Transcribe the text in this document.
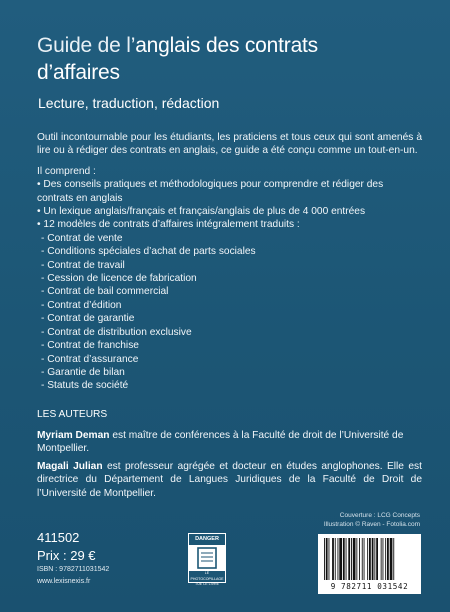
Guide de l’anglais des contrats
d’affaires
Lecture, traduction, rédaction

Outil incontournable pour les étudiants, les praticiens et tous ceux qui sont amenés à lire ou à rédiger des contrats en anglais, ce guide a été conçu comme un tout-en-un.

Il comprend :

• Des conseils pratiques et méthodologiques pour comprendre et rédiger des contrats en anglais
• Un lexique anglais/français et français/anglais de plus de 4 000 entrées
• 12 modèles de contrats d’affaires intégralement traduits :
- Contrat de vente
- Conditions spéciales d’achat de parts sociales
- Contrat de travail
- Cession de licence de fabrication
- Contrat de bail commercial
- Contrat d’édition
- Contrat de garantie
- Contrat de distribution exclusive
- Contrat de franchise
- Contrat d’assurance
- Garantie de bilan
- Statuts de société
LES AUTEURS

Myriam Deman est maître de conférences à la Faculté de droit de l’Université de Montpellier.

Magali Julian est professeur agrégée et docteur en études anglophones. Elle est directrice du Département de Langues Juridiques de la Faculté de Droit de l’Université de Montpellier.

Couverture : LCG Concepts
Illustration © Raven - Fotolia.com
411502
Prix : 29 €
ISBN : 9782711031542
www.lexisnexis.fr
DANGER
LE PHOTOCOPILLAGE TUE LE LIVRE	9 782711 031542
